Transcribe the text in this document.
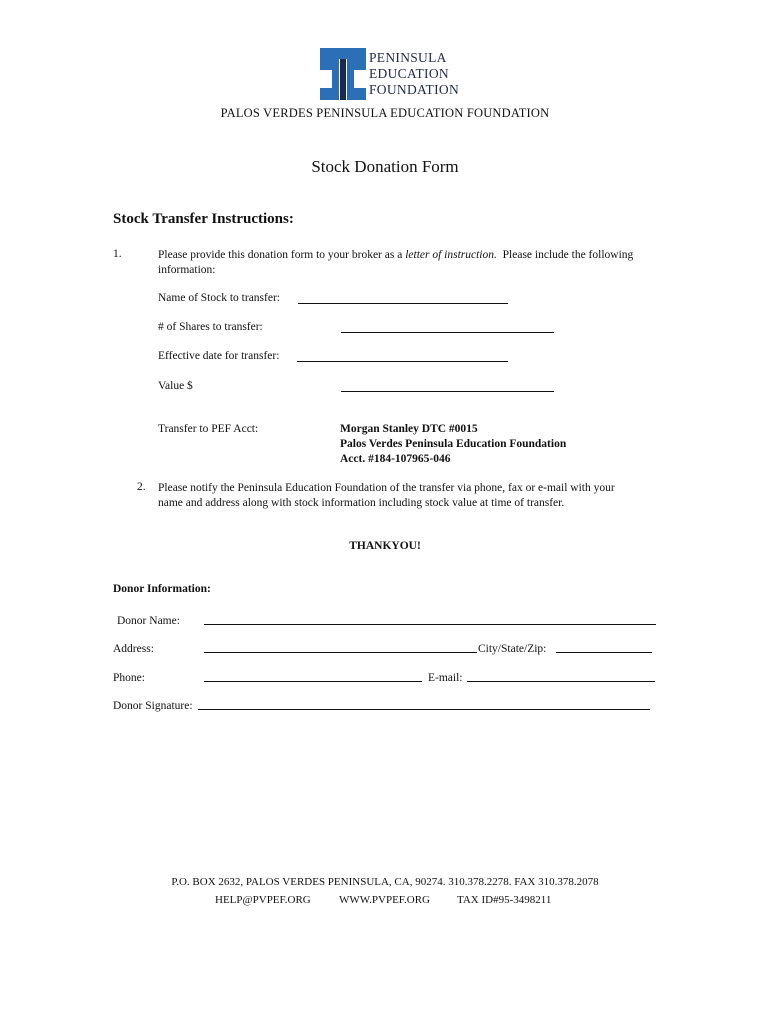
PENINSULA
EDUCATION
FOUNDATION
PALOS VERDES PENINSULA EDUCATION FOUNDATION
Stock Donation Form
Stock Transfer Instructions:
1.	Please provide this donation form to your broker as a letter of instruction.  Please include the following
information:
Name of Stock to transfer:
# of Shares to transfer:
Effective date for transfer:
Value $
Transfer to PEF Acct:	Morgan Stanley DTC #0015
Palos Verdes Peninsula Education Foundation
Acct. #184-107965-046
2. Please notify the Peninsula Education Foundation of the transfer via phone, fax or e-mail with your
name and address along with stock information including stock value at time of transfer.
THANKYOU!
Donor Information:
Donor Name:
Address:	City/State/Zip:
Phone:	E-mail:
Donor Signature:
P.O. BOX 2632, PALOS VERDES PENINSULA, CA, 90274. 310.378.2278. FAX 310.378.2078
HELP@PVPEF.ORG	WWW.PVPEF.ORG TAX ID#95-3498211
